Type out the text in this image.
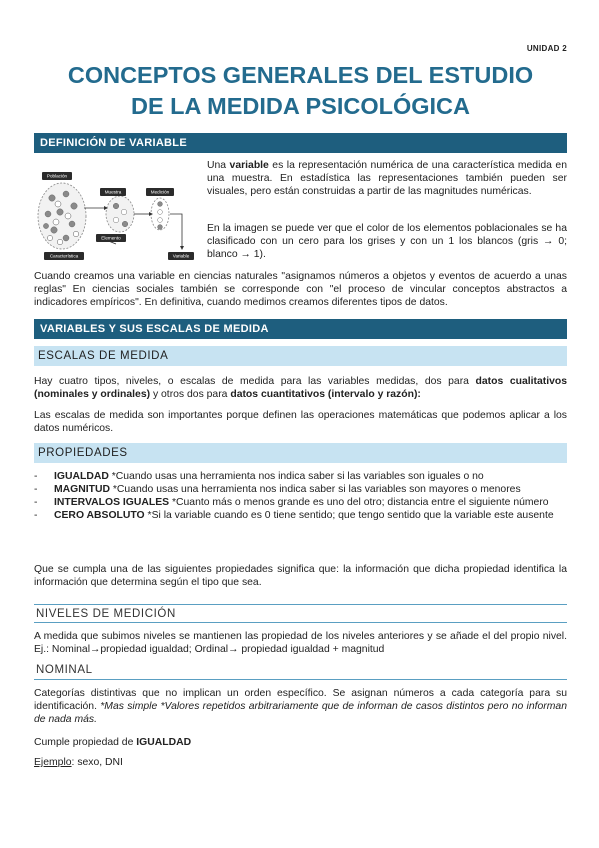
UNIDAD 2
CONCEPTOS GENERALES DEL ESTUDIO
DE LA MEDIDA PSICOLÓGICA
DEFINICIÓN DE VARIABLE
Población
Muestra	Medición
Elemento
Característica	Variable

Una variable es la representación numérica de una característica medida en una muestra. En estadística las representaciones también pueden ser visuales, pero están construidas a partir de las magnitudes numéricas.

En la imagen se puede ver que el color de los elementos poblacionales se ha clasificado con un cero para los grises y con un 1 los blancos (gris → 0; blanco → 1).

Cuando creamos una variable en ciencias naturales "asignamos números a objetos y eventos de acuerdo a unas reglas" En ciencias sociales también se corresponde con "el proceso de vincular conceptos abstractos a indicadores empíricos". En definitiva, cuando medimos creamos diferentes tipos de datos.

VARIABLES Y SUS ESCALAS DE MEDIDA
ESCALAS DE MEDIDA

Hay cuatro tipos, niveles, o escalas de medida para las variables medidas, dos para datos cualitativos (nominales y ordinales) y otros dos para datos cuantitativos (intervalo y razón):

Las escalas de medida son importantes porque definen las operaciones matemáticas que podemos aplicar a los datos numéricos.

PROPIEDADES
- IGUALDAD *Cuando usas una herramienta nos indica saber si las variables son iguales o no
- MAGNITUD *Cuando usas una herramienta nos indica saber si las variables son mayores o menores
- INTERVALOS IGUALES *Cuanto más o menos grande es uno del otro; distancia entre el siguiente número
- CERO ABSOLUTO *Si la variable cuando es 0 tiene sentido; que tengo sentido que la variable este ausente

Que se cumpla una de las siguientes propiedades significa que: la información que dicha propiedad identifica la información que determina según el tipo que sea.

NIVELES DE MEDICIÓN

A medida que subimos niveles se mantienen las propiedad de los niveles anteriores y se añade el del propio nivel. Ej.: Nominal→propiedad igualdad; Ordinal→ propiedad igualdad + magnitud

NOMINAL

Categorías distintivas que no implican un orden específico. Se asignan números a cada categoría para su identificación. *Mas simple *Valores repetidos arbitrariamente que de informan de casos distintos pero no informan de nada más.

Cumple propiedad de IGUALDAD

Ejemplo: sexo, DNI
